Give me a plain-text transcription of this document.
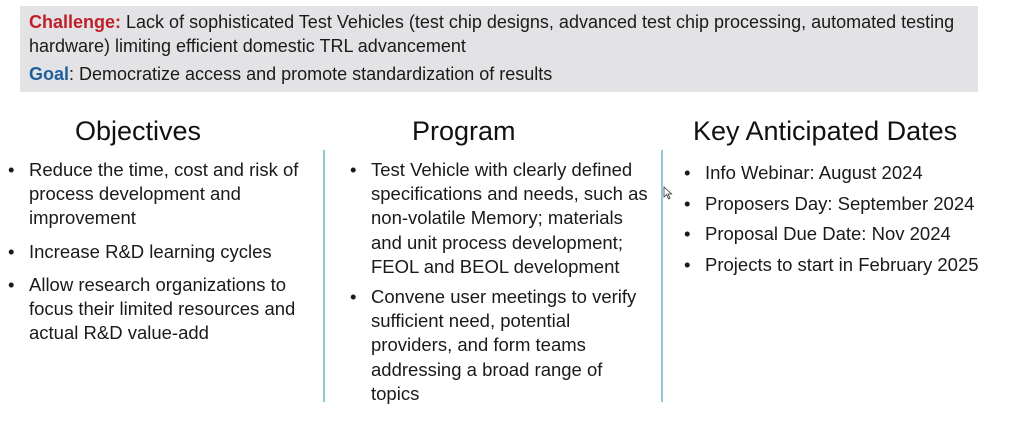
Challenge: Lack of sophisticated Test Vehicles (test chip designs, advanced test chip processing, automated testing hardware) limiting efficient domestic TRL advancement

Goal: Democratize access and promote standardization of results

Objectives
• Reduce the time, cost and risk of process development and improvement
• Increase R&D learning cycles
• Allow research organizations to focus their limited resources and actual R&D value-add
Program
• Test Vehicle with clearly defined specifications and needs, such as non-volatile Memory; materials and unit process development; FEOL and BEOL development
• Convene user meetings to verify sufficient need, potential providers, and form teams addressing a broad range of topics
Key Anticipated Dates
• Info Webinar: August 2024
• Proposers Day: September 2024
• Proposal Due Date: Nov 2024
• Projects to start in February 2025
